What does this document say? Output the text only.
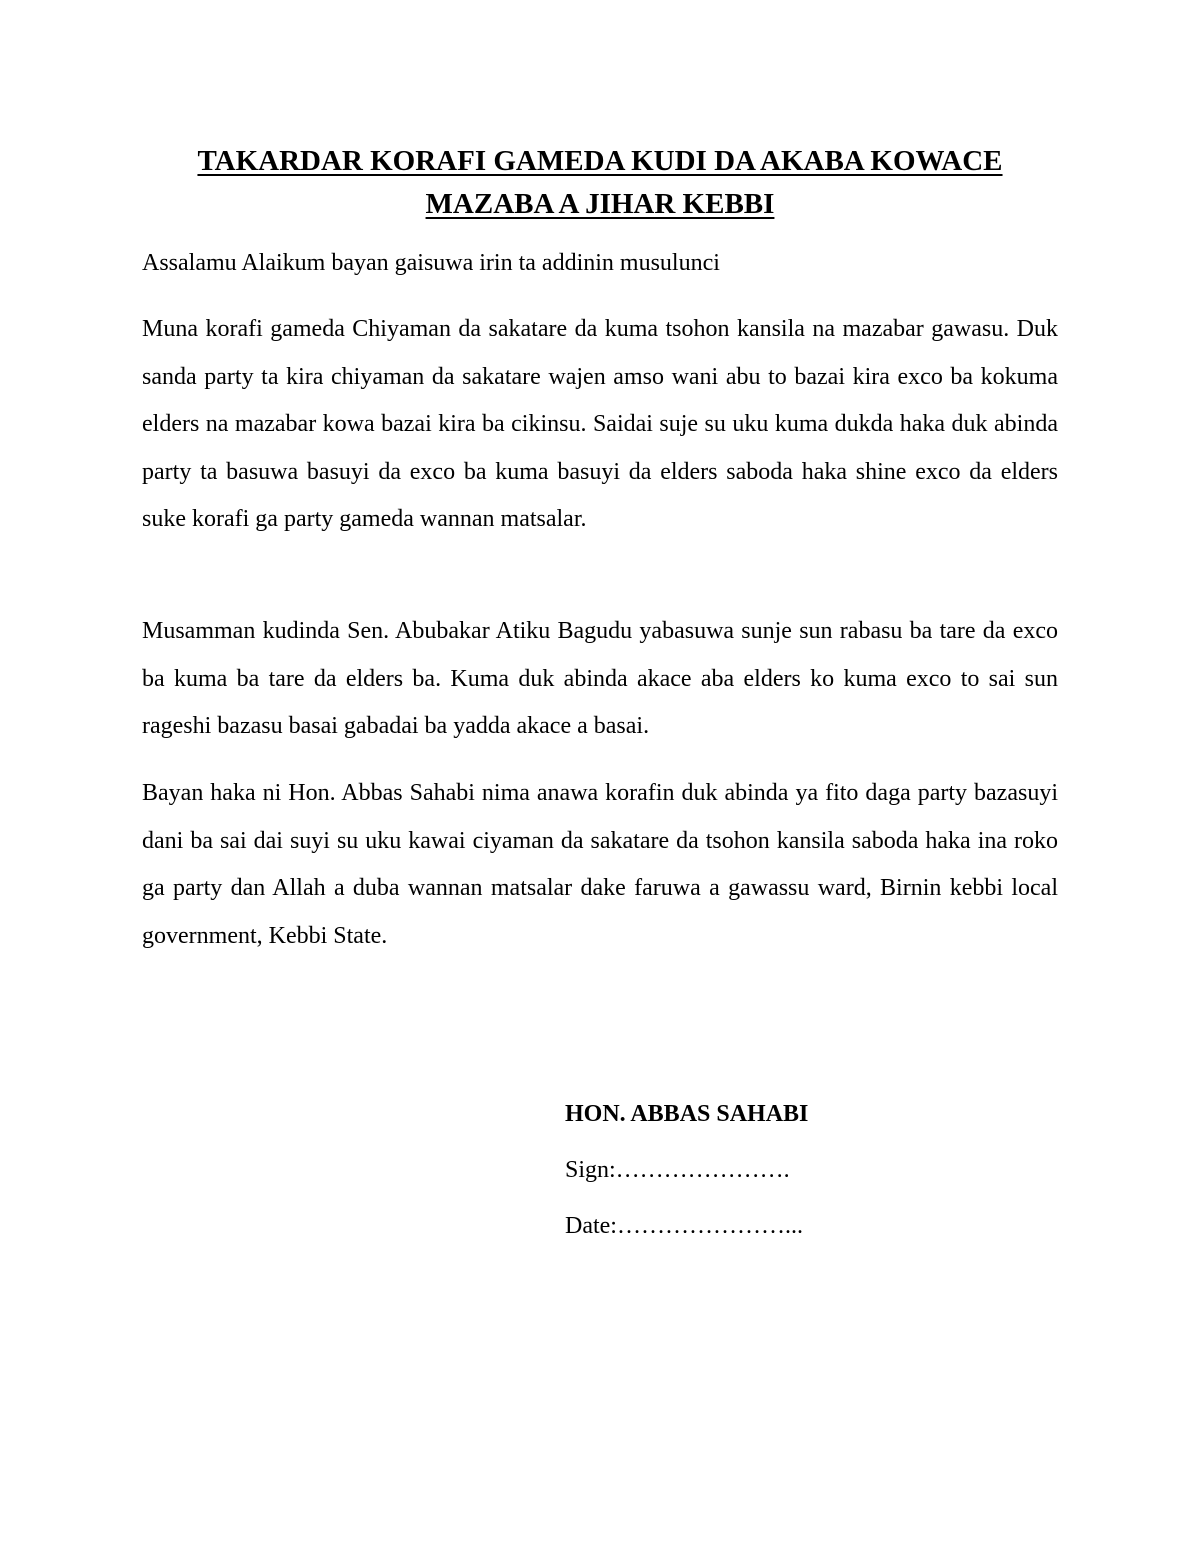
TAKARDAR KORAFI GAMEDA KUDI DA AKABA KOWACE
MAZABA A JIHAR KEBBI
Assalamu Alaikum bayan gaisuwa irin ta addinin musulunci

Muna korafi gameda Chiyaman da sakatare da kuma tsohon kansila na mazabar gawasu. Duk sanda party ta kira chiyaman da sakatare wajen amso wani abu to bazai kira exco ba kokuma elders na mazabar kowa bazai kira ba cikinsu. Saidai suje su uku kuma dukda haka duk abinda party ta basuwa basuyi da exco ba kuma basuyi da elders saboda haka shine exco da elders suke korafi ga party gameda wannan matsalar.

Musamman kudinda Sen. Abubakar Atiku Bagudu yabasuwa sunje sun rabasu ba tare da exco ba kuma ba tare da elders ba. Kuma duk abinda akace aba elders ko kuma exco to sai sun rageshi bazasu basai gabadai ba yadda akace a basai.

Bayan haka ni Hon. Abbas Sahabi nima anawa korafin duk abinda ya fito daga party bazasuyi dani ba sai dai suyi su uku kawai ciyaman da sakatare da tsohon kansila saboda haka ina roko ga party dan Allah a duba wannan matsalar dake faruwa a gawassu ward, Birnin kebbi local government, Kebbi State.

HON. ABBAS SAHABI
Sign:………………….
Date:…………………...
